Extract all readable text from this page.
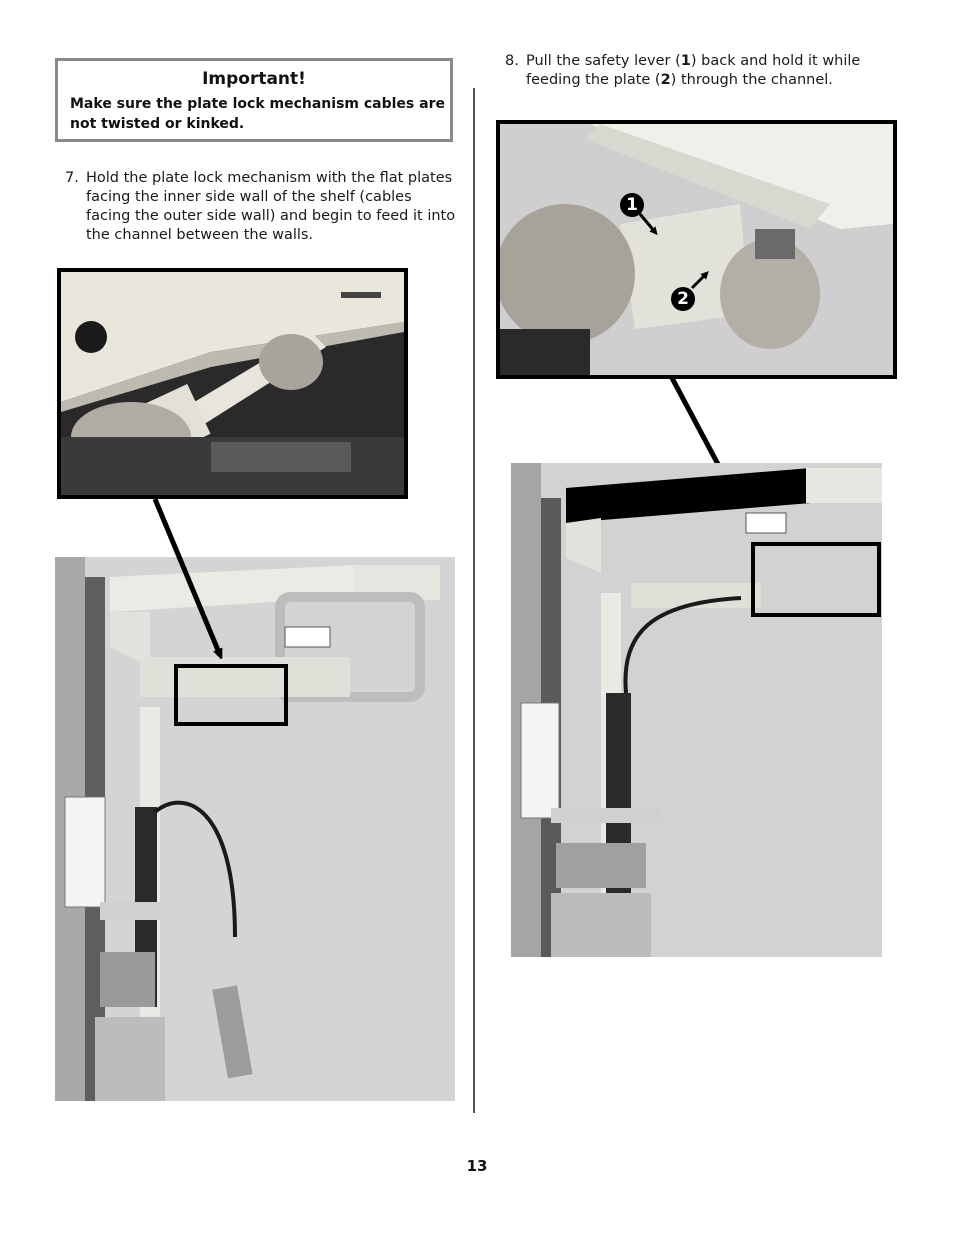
Important!
Make sure the plate lock mechanism cables are not twisted or kinked.
7. Hold the plate lock mechanism with the flat plates facing the inner side wall of the shelf (cables facing the outer side wall) and begin to feed it into the channel between the walls.
8. Pull the safety lever (1) back and hold it while feeding the plate (2) through the channel.
1
2
13
